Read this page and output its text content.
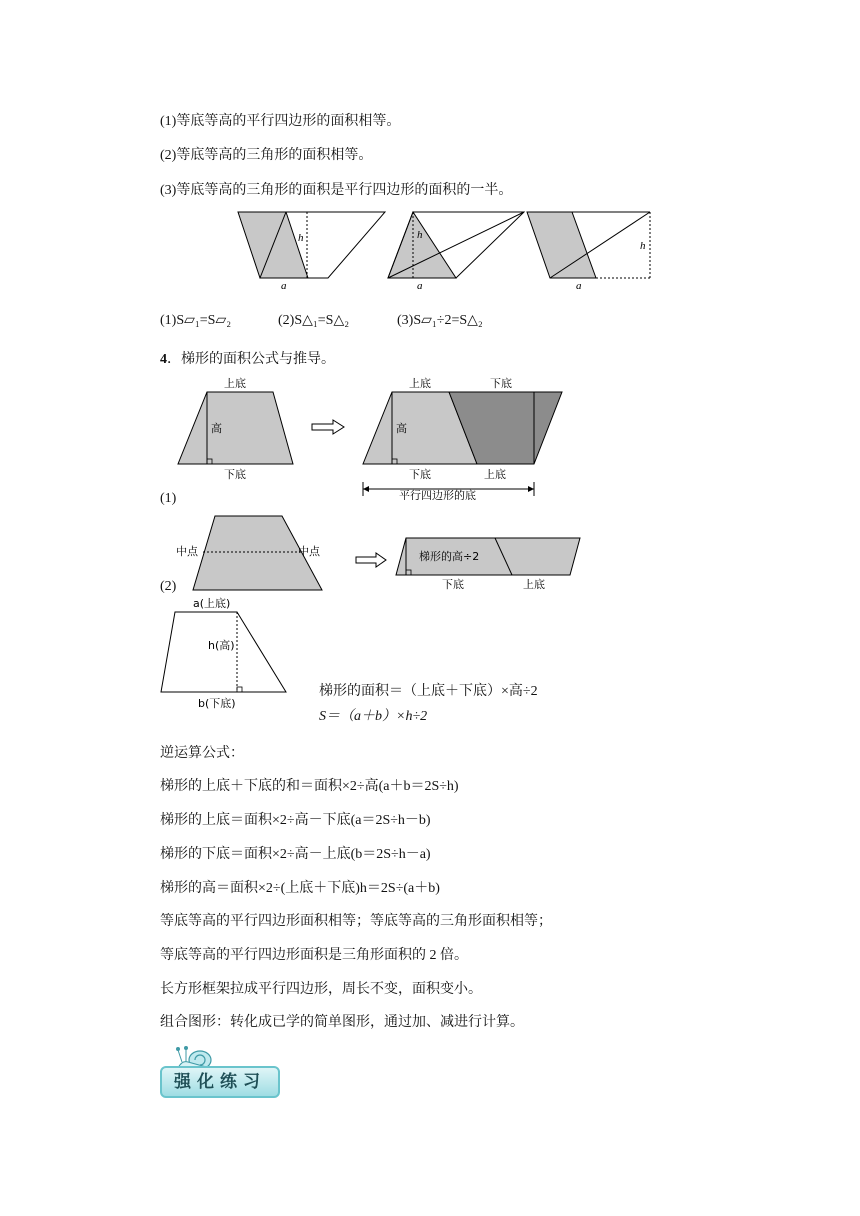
(1)等底等高的平行四边形的面积相等。
(2)等底等高的三角形的面积相等。
(3)等底等高的三角形的面积是平行四边形的面积的一半。
h
a
h
a
h
a
(1)S▱₁=S▱₂	(2)S△₁=S△₂	(3)S▱₁÷2=S△₂
4．梯形的面积公式与推导。
上底
高
下底
上底	下底
高
下底	上底
平行四边形的底
(1)
中点	中点	梯形的高÷2
下底	上底
(2)
a(上底)
h(高)
b(下底)
梯形的面积＝（上底＋下底）×高÷2
S＝（a＋b）×h÷2
逆运算公式：
梯形的上底＋下底的和＝面积×2÷高(a＋b＝2S÷h)
梯形的上底＝面积×2÷高－下底(a＝2S÷h－b)
梯形的下底＝面积×2÷高－上底(b＝2S÷h－a)
梯形的高＝面积×2÷(上底＋下底)h＝2S÷(a＋b)
等底等高的平行四边形面积相等；等底等高的三角形面积相等；
等底等高的平行四边形面积是三角形面积的 2 倍。
长方形框架拉成平行四边形，周长不变，面积变小。
组合图形：转化成已学的简单图形，通过加、减进行计算。
强化练习
